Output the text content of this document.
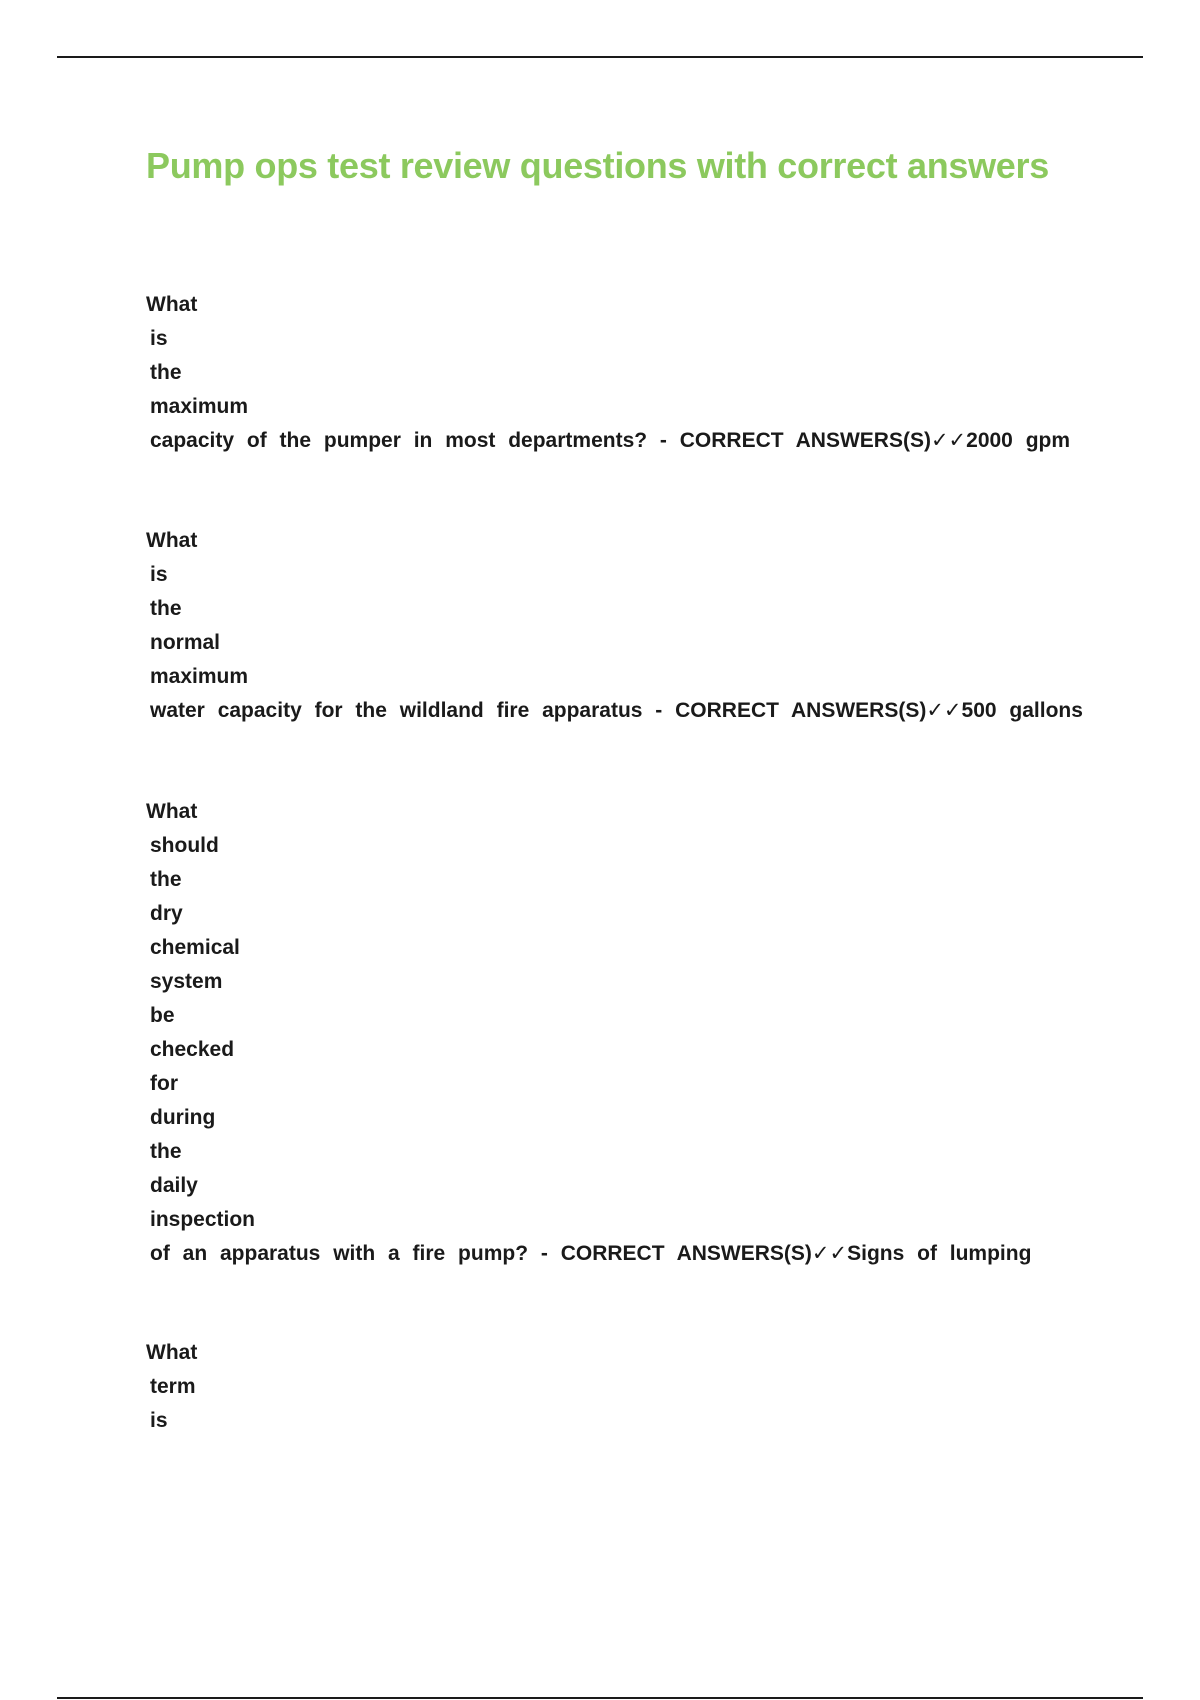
Pump ops test review questions with correct answers
What
is
the
maximum
capacity of the pumper in most departments? - CORRECT ANSWERS(S)✓✓2000 gpm
What
is
the
normal
maximum
water capacity for the wildland fire apparatus - CORRECT ANSWERS(S)✓✓500 gallons
What
should
the
dry
chemical
system
be
checked
for
during
the
daily
inspection
of an apparatus with a fire pump? - CORRECT ANSWERS(S)✓✓Signs of lumping
What
term
is
